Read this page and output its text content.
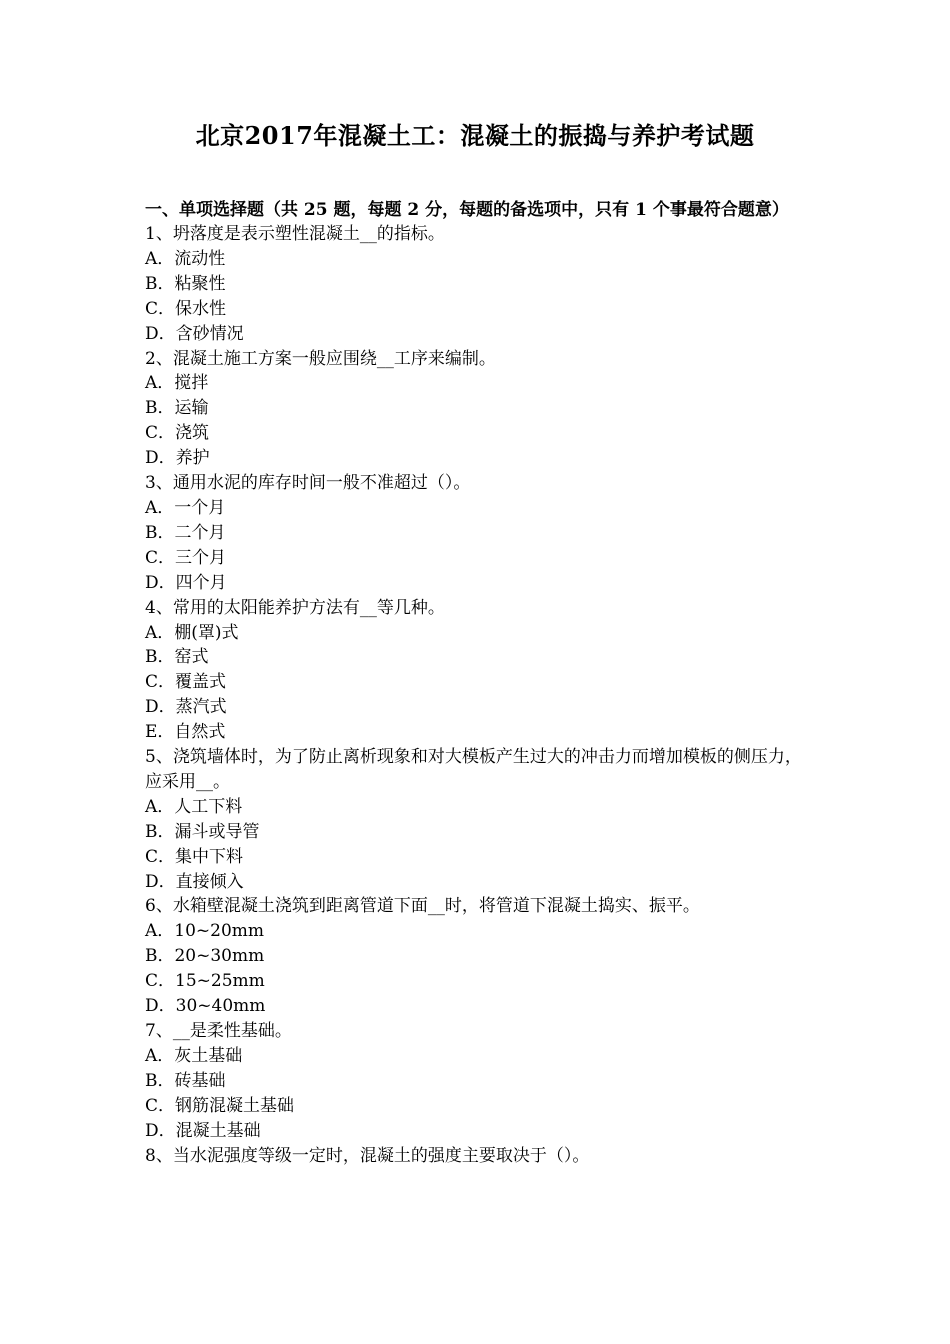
北京2017年混凝土工：混凝土的振捣与养护考试题
一、单项选择题（共 25 题，每题 2 分，每题的备选项中，只有 1 个事最符合题意）
1、坍落度是表示塑性混凝土__的指标。
A．流动性
B．粘聚性
C．保水性
D．含砂情况
2、混凝土施工方案一般应围绕__工序来编制。
A．搅拌
B．运输
C．浇筑
D．养护
3、通用水泥的库存时间一般不准超过（）。
A．一个月
B．二个月
C．三个月
D．四个月
4、常用的太阳能养护方法有__等几种。
A．棚(罩)式
B．窑式
C．覆盖式
D．蒸汽式
E．自然式
5、浇筑墙体时，为了防止离析现象和对大模板产生过大的冲击力而增加模板的侧压力，应采用__。
A．人工下料
B．漏斗或导管
C．集中下料
D．直接倾入
6、水箱壁混凝土浇筑到距离管道下面__时，将管道下混凝土捣实、振平。
A．10~20mm
B．20~30mm
C．15~25mm
D．30~40mm
7、__是柔性基础。
A．灰土基础
B．砖基础
C．钢筋混凝土基础
D．混凝土基础
8、当水泥强度等级一定时，混凝土的强度主要取决于（）。
